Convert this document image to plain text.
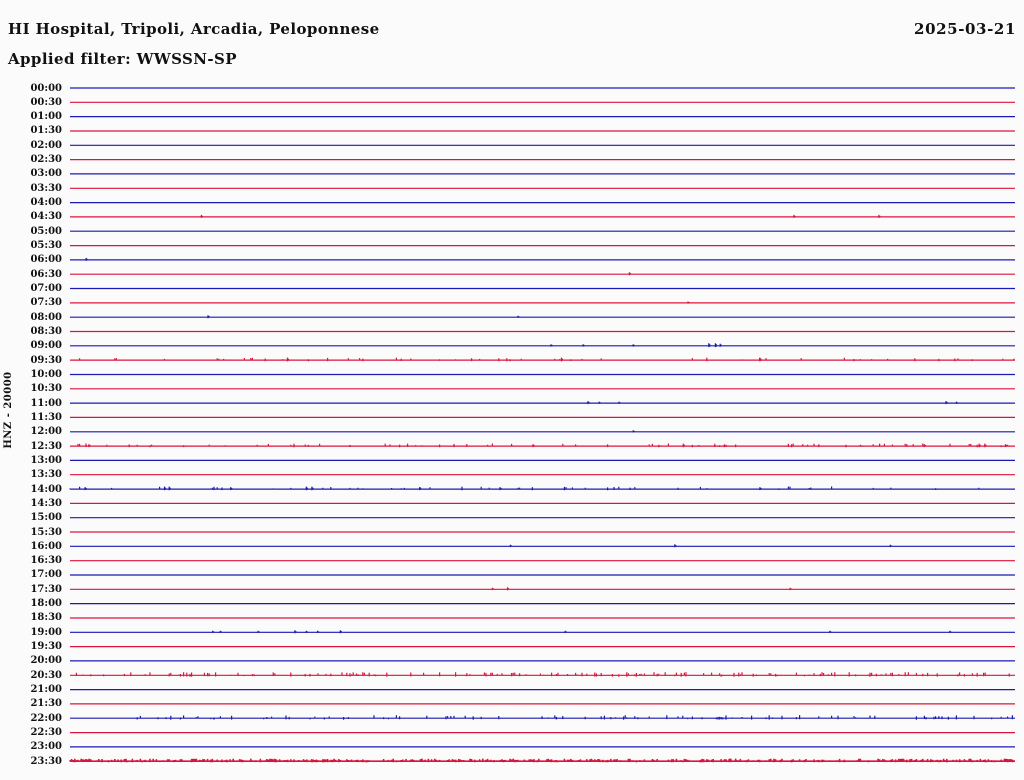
HI Hospital, Tripoli, Arcadia, Peloponnese	2025-03-21
Applied filter: WWSSN-SP
HNZ - 20000
00:00
00:30
01:00
01:30
02:00
02:30
03:00
03:30
04:00
04:30
05:00
05:30
06:00
06:30
07:00
07:30
08:00
08:30
09:00
09:30
10:00
10:30
11:00
11:30
12:00
12:30
13:00
13:30
14:00
14:30
15:00
15:30
16:00
16:30
17:00
17:30
18:00
18:30
19:00
19:30
20:00
20:30
21:00
21:30
22:00
22:30
23:00
23:30
